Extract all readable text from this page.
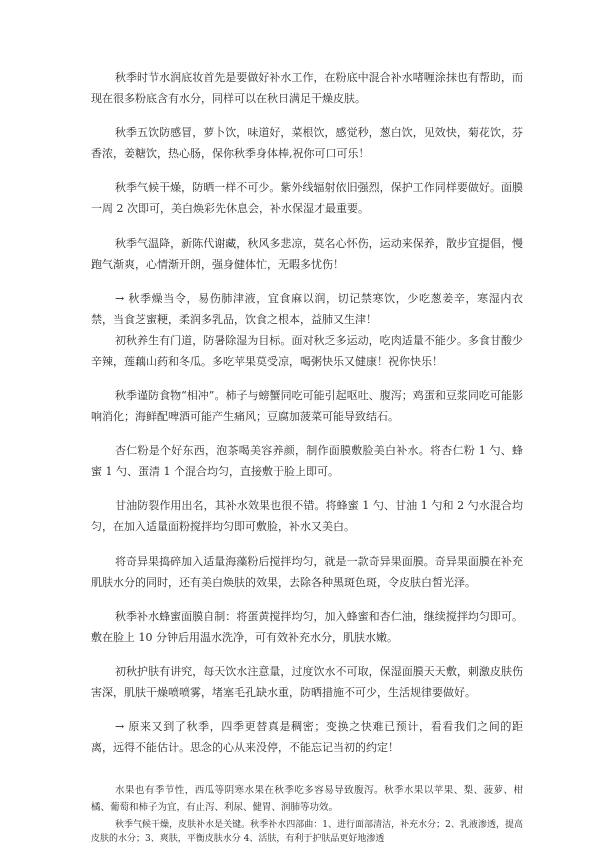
秋季时节水润底妆首先是要做好补水工作，在粉底中混合补水啫喱涂抹也有帮助，而现在很多粉底含有水分，同样可以在秋日满足干燥皮肤。

秋季五饮防感冒，萝卜饮，味道好，菜根饮，感觉秒，葱白饮，见效快，菊花饮，芬香浓，姜糖饮，热心肠，保你秋季身体棒,祝你可口可乐！

秋季气候干燥，防晒一样不可少。紫外线辐射依旧强烈，保护工作同样要做好。面膜一周 2 次即可，美白焕彩先休息会，补水保湿才最重要。

秋季气温降，新陈代谢藏，秋风多悲凉，莫名心怀伤，运动来保养，散步宜提倡，慢跑气渐爽，心情渐开朗，强身健体忙，无暇多忧伤！

→ 秋季燥当令，易伤肺津液，宜食麻以润，切记禁寒饮，少吃葱姜辛，寒湿内衣禁，当食芝蜜粳，柔润多乳品，饮食之根本，益肺又生津！

初秋养生有门道，防暑除湿为目标。面对秋乏多运动，吃肉适量不能少。多食甘酸少辛辣，莲藕山药和冬瓜。多吃苹果莫受凉，喝粥快乐又健康！祝你快乐！

秋季谨防食物“相冲”。柿子与螃蟹同吃可能引起呕吐、腹泻；鸡蛋和豆浆同吃可能影响消化；海鲜配啤酒可能产生痛风；豆腐加菠菜可能导致结石。

杏仁粉是个好东西，泡茶喝美容养颜，制作面膜敷脸美白补水。将杏仁粉 1 勺、蜂蜜 1 勺、蛋清 1 个混合均匀，直接敷于脸上即可。

甘油防裂作用出名，其补水效果也很不错。将蜂蜜 1 勺、甘油 1 勺和 2 勺水混合均匀，在加入适量面粉搅拌均匀即可敷脸，补水又美白。

将奇异果捣碎加入适量海藻粉后搅拌均匀，就是一款奇异果面膜。奇异果面膜在补充肌肤水分的同时，还有美白焕肤的效果，去除各种黑斑色斑，令皮肤白皙光泽。

秋季补水蜂蜜面膜自制：将蛋黄搅拌均匀，加入蜂蜜和杏仁油，继续搅拌均匀即可。敷在脸上 10 分钟后用温水洗净，可有效补充水分，肌肤水嫩。

初秋护肤有讲究，每天饮水注意量，过度饮水不可取，保湿面膜天天敷，刺激皮肤伤害深，肌肤干燥喷喷雾，堵塞毛孔缺水重，防晒措施不可少，生活规律要做好。

→ 原来又到了秋季，四季更替真是稠密；变换之快难已预计，看看我们之间的距离，远得不能估计。思念的心从来没停，不能忘记当初的约定！

水果也有季节性，西瓜等阴寒水果在秋季吃多容易导致腹泻。秋季水果以苹果、梨、菠萝、柑橘、葡萄和柿子为宜，有止泻、利尿、健胃、润肺等功效。

秋季气候干燥，皮肤补水是关键。秋季补水四部曲：1、进行面部清洁，补充水分；2、乳液渗透，提高皮肤的水分；3、爽肤，平衡皮肤水分 4、活肤，有利于护肤品更好地渗透
